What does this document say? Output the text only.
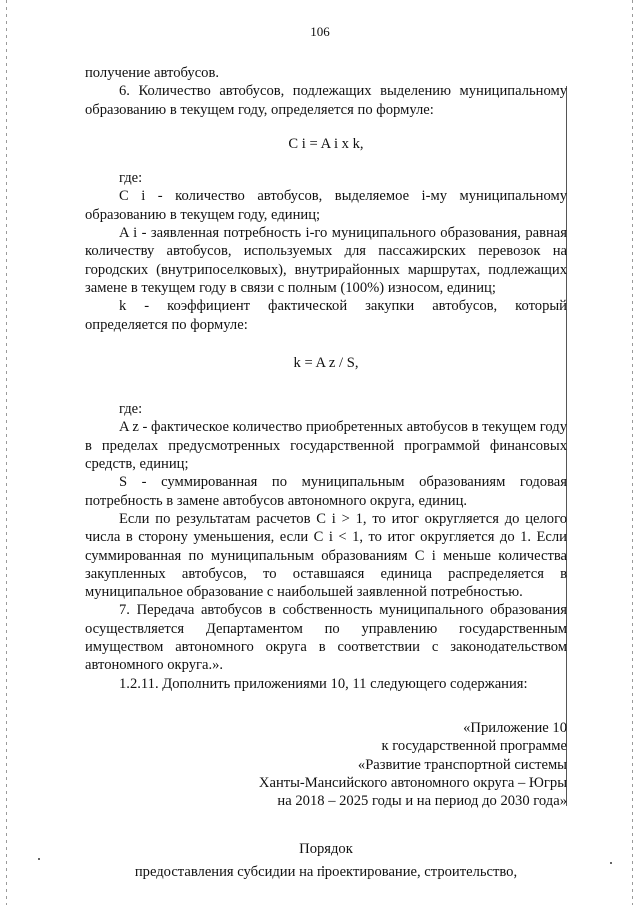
106

получение автобусов.

6. Количество автобусов, подлежащих выделению муниципальному образованию в текущем году, определяется по формуле:

C i = A i x k,

где:

C i - количество автобусов, выделяемое i-му муниципальному образованию в текущем году, единиц;

A i - заявленная потребность i-го муниципального образования, равная количеству автобусов, используемых для пассажирских перевозок на городских (внутрипоселковых), внутрирайонных маршрутах, подлежащих замене в текущем году в связи с полным (100%) износом, единиц;

k - коэффициент фактической закупки автобусов, который определяется по формуле:

k = A z / S,

где:

A z - фактическое количество приобретенных автобусов в текущем году в пределах предусмотренных государственной программой финансовых средств, единиц;

S - суммированная по муниципальным образованиям годовая потребность в замене автобусов автономного округа, единиц.

Если по результатам расчетов C i > 1, то итог округляется до целого числа в сторону уменьшения, если C i < 1, то итог округляется до 1. Если суммированная по муниципальным образованиям C i меньше количества закупленных автобусов, то оставшаяся единица распределяется в муниципальное образование с наибольшей заявленной потребностью.

7. Передача автобусов в собственность муниципального образования осуществляется Департаментом по управлению государственным имуществом автономного округа в соответствии с законодательством автономного округа.».

1.2.11. Дополнить приложениями 10, 11 следующего содержания:

«Приложение 10

к государственной программе

«Развитие транспортной системы

Ханты-Мансийского автономного округа – Югры

на 2018 – 2025 годы и на период до 2030 года»

Порядок

предоставления субсидии на проектирование, строительство,
